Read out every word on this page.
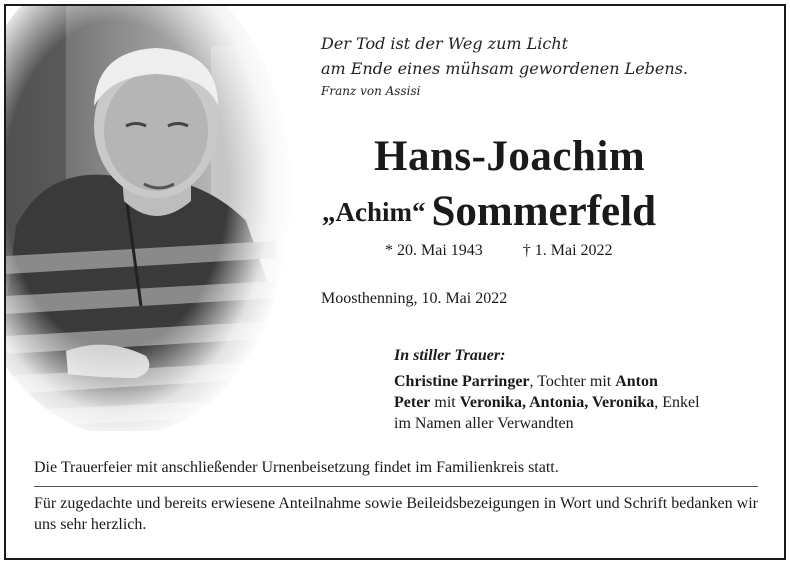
Der Tod ist der Weg zum Licht
am Ende eines mühsam gewordenen Lebens.
Franz von Assisi
Hans-Joachim
„Achim“ Sommerfeld
* 20. Mai 1943	† 1. Mai 2022
Moosthenning, 10. Mai 2022
In stiller Trauer:
Christine Parringer, Tochter mit Anton
Peter mit Veronika, Antonia, Veronika, Enkel
im Namen aller Verwandten
Die Trauerfeier mit anschließender Urnenbeisetzung findet im Familienkreis statt.
Für zugedachte und bereits erwiesene Anteilnahme sowie Beileidsbezeigungen in Wort und Schrift bedanken wir uns sehr herzlich.
